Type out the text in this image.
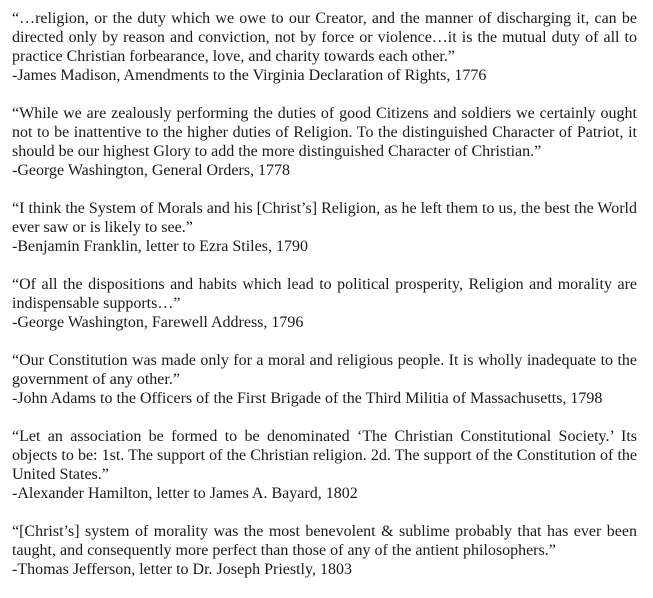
“…religion, or the duty which we owe to our Creator, and the manner of discharging it, can be directed only by reason and conviction, not by force or violence…it is the mutual duty of all to practice Christian forbearance, love, and charity towards each other.”

-James Madison, Amendments to the Virginia Declaration of Rights, 1776

“While we are zealously performing the duties of good Citizens and soldiers we certainly ought not to be inattentive to the higher duties of Religion. To the distinguished Character of Patriot, it should be our highest Glory to add the more distinguished Character of Christian.”

-George Washington, General Orders, 1778

“I think the System of Morals and his [Christ’s] Religion, as he left them to us, the best the World ever saw or is likely to see.”

-Benjamin Franklin, letter to Ezra Stiles, 1790

“Of all the dispositions and habits which lead to political prosperity, Religion and morality are indispensable supports…”

-George Washington, Farewell Address, 1796

“Our Constitution was made only for a moral and religious people. It is wholly inadequate to the government of any other.”

-John Adams to the Officers of the First Brigade of the Third Militia of Massachusetts, 1798

“Let an association be formed to be denominated ‘The Christian Constitutional Society.’ Its objects to be: 1st. The support of the Christian religion. 2d. The support of the Constitution of the United States.”

-Alexander Hamilton, letter to James A. Bayard, 1802

“[Christ’s] system of morality was the most benevolent & sublime probably that has ever been taught, and consequently more perfect than those of any of the antient philosophers.”

-Thomas Jefferson, letter to Dr. Joseph Priestly, 1803
